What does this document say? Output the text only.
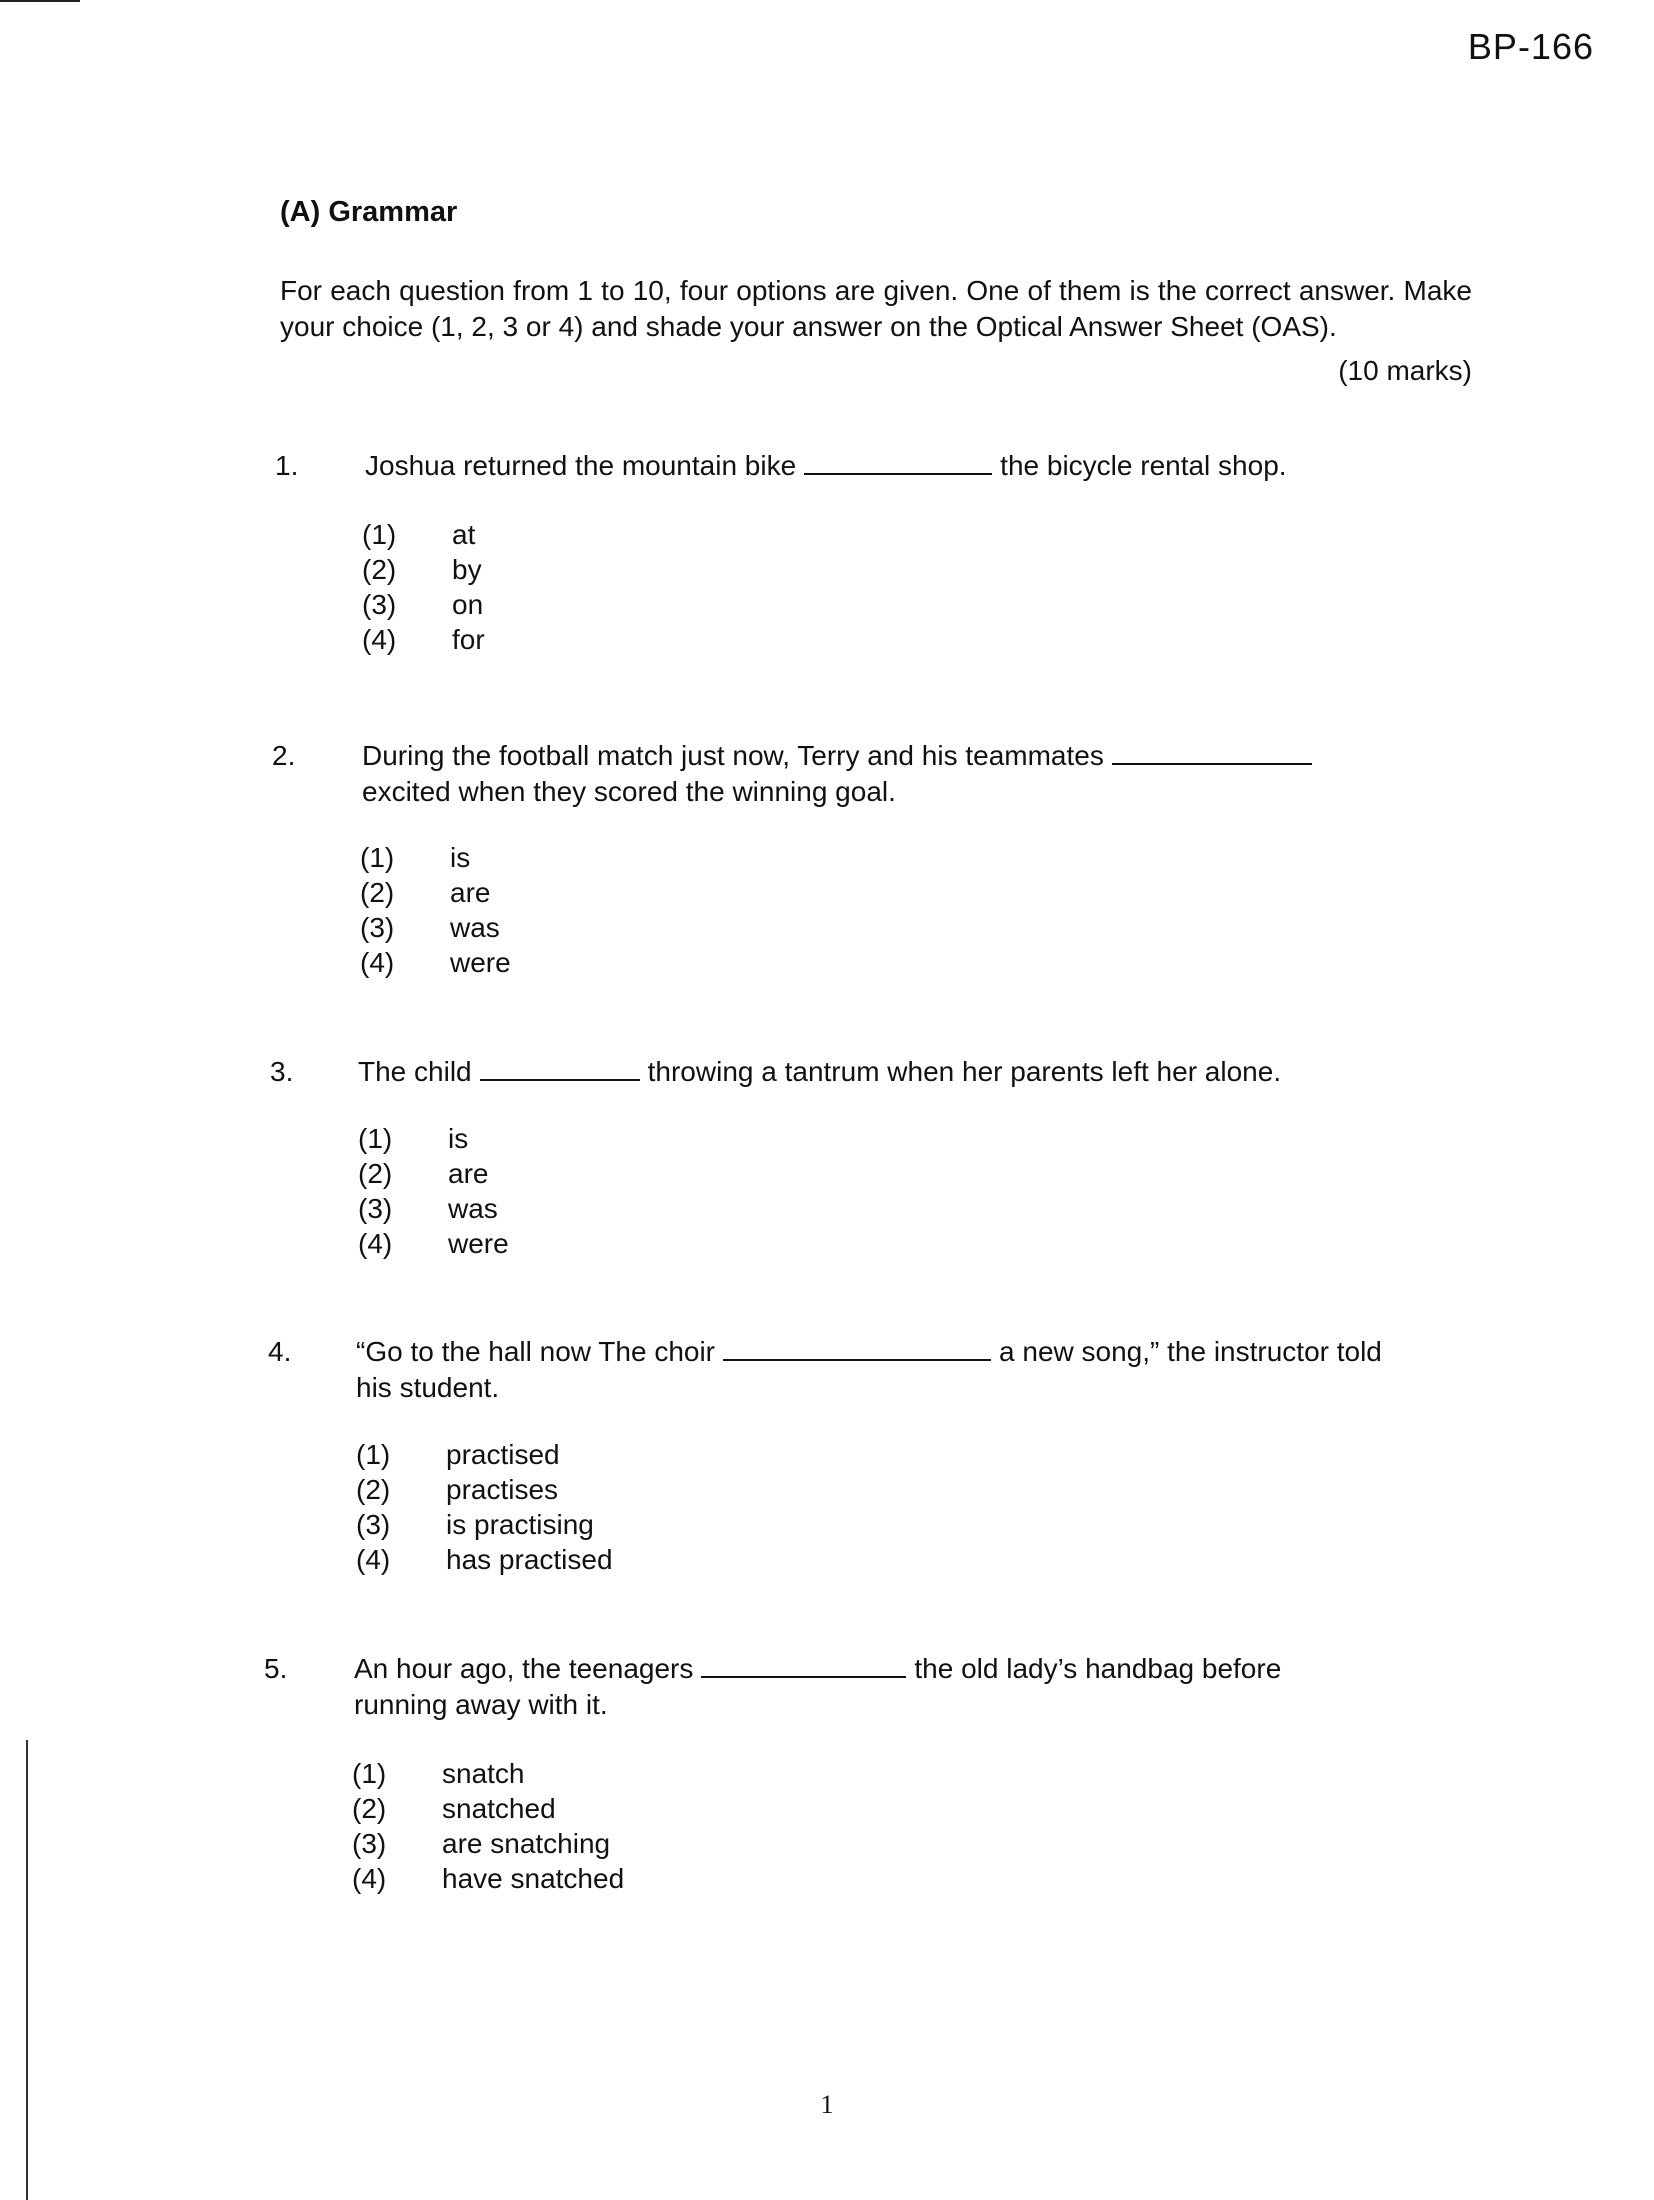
BP-166
(A) Grammar
For each question from 1 to 10, four options are given. One of them is the correct answer. Make your choice (1, 2, 3 or 4) and shade your answer on the Optical Answer Sheet (OAS).
(10 marks)
1.	Joshua returned the mountain bike	the bicycle rental shop.
(1)	at
(2)	by
(3)	on
(4)	for
2.	During the football match just now, Terry and his teammates
excited when they scored the winning goal.
(1)	is
(2)	are
(3)	was
(4)	were
3.	The child	throwing a tantrum when her parents left her alone.
(1)	is
(2)	are
(3)	was
(4)	were
4.	“Go to the hall now The choir	a new song,” the instructor told his student.
(1)	practised
(2)	practises
(3)	is practising
(4)	has practised
5.	An hour ago, the teenagers	the old lady’s handbag before running away with it.
(1)	snatch
(2)	snatched
(3)	are snatching
(4)	have snatched
1
